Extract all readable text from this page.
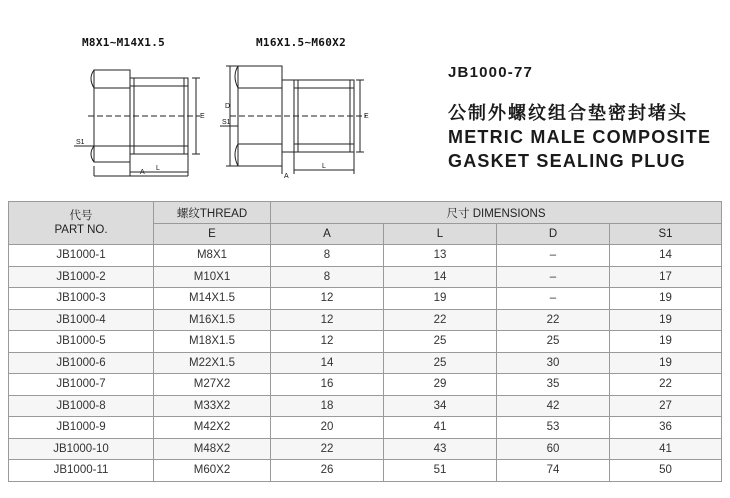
M8X1~M14X1.5	M16X1.5~M60X2
S1
L
A
E
S1
D
L
A
E
JB1000-77
公制外螺纹组合垫密封堵头
METRIC MALE COMPOSITE
GASKET SEALING PLUG
代号
PART NO.	螺纹THREAD	尺寸 DIMENSIONS			
	E	A	L	D	S1
JB1000-1	M8X1	8	13	–	14
JB1000-2	M10X1	8	14	–	17
JB1000-3	M14X1.5	12	19	–	19
JB1000-4	M16X1.5	12	22	22	19
JB1000-5	M18X1.5	12	25	25	19
JB1000-6	M22X1.5	14	25	30	19
JB1000-7	M27X2	16	29	35	22
JB1000-8	M33X2	18	34	42	27
JB1000-9	M42X2	20	41	53	36
JB1000-10	M48X2	22	43	60	41
JB1000-11	M60X2	26	51	74	50
